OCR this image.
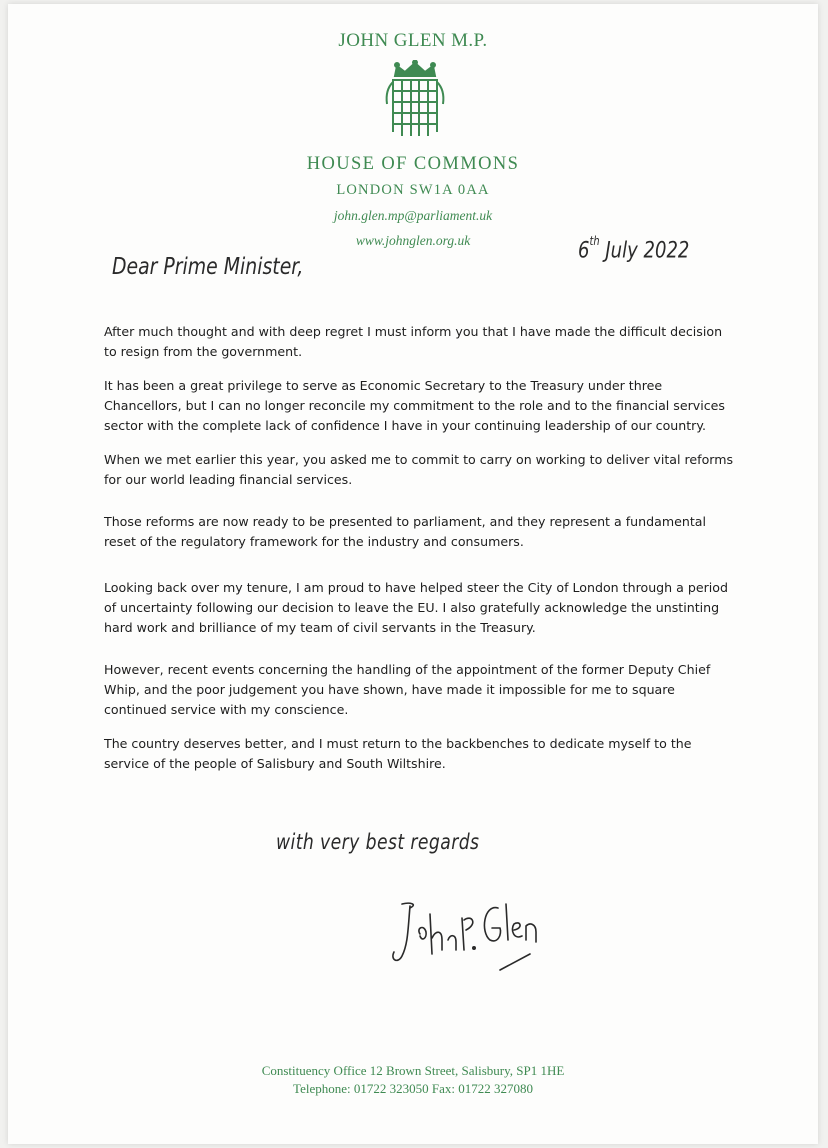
JOHN GLEN M.P.
HOUSE OF COMMONS
LONDON SW1A 0AA
john.glen.mp@parliament.uk
www.johnglen.org.uk	6th July 2022
Dear Prime Minister,
After much thought and with deep regret I must inform you that I have made the difficult decision to resign from the government.
It has been a great privilege to serve as Economic Secretary to the Treasury under three Chancellors, but I can no longer reconcile my commitment to the role and to the financial services sector with the complete lack of confidence I have in your continuing leadership of our country.
When we met earlier this year, you asked me to commit to carry on working to deliver vital reforms for our world leading financial services.
Those reforms are now ready to be presented to parliament, and they represent a fundamental reset of the regulatory framework for the industry and consumers.
Looking back over my tenure, I am proud to have helped steer the City of London through a period of uncertainty following our decision to leave the EU. I also gratefully acknowledge the unstinting hard work and brilliance of my team of civil servants in the Treasury.
However, recent events concerning the handling of the appointment of the former Deputy Chief Whip, and the poor judgement you have shown, have made it impossible for me to square continued service with my conscience.
The country deserves better, and I must return to the backbenches to dedicate myself to the service of the people of Salisbury and South Wiltshire.
with very best regards
Constituency Office 12 Brown Street, Salisbury, SP1 1HE
Telephone: 01722 323050 Fax: 01722 327080
